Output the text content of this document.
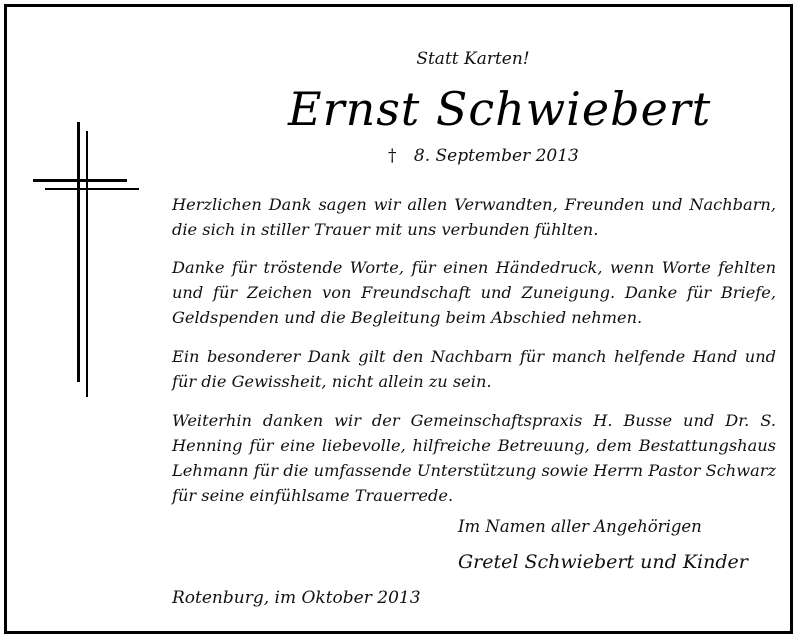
Statt Karten!
Ernst Schwiebert
† 8. September 2013

Herzlichen Dank sagen wir allen Verwandten, Freunden und Nachbarn, die sich in stiller Trauer mit uns verbunden fühlten.

Danke für tröstende Worte, für einen Händedruck, wenn Worte fehlten und für Zeichen von Freundschaft und Zuneigung. Danke für Briefe, Geldspenden und die Begleitung beim Abschied nehmen.

Ein besonderer Dank gilt den Nachbarn für manch helfende Hand und für die Gewissheit, nicht allein zu sein.

Weiterhin danken wir der Gemeinschaftspraxis H. Busse und Dr. S. Henning für eine liebevolle, hilfreiche Betreuung, dem Bestattungshaus Lehmann für die umfassende Unterstützung sowie Herrn Pastor Schwarz für seine einfühlsame Trauerrede.

Im Namen aller Angehörigen
Gretel Schwiebert und Kinder
Rotenburg, im Oktober 2013
